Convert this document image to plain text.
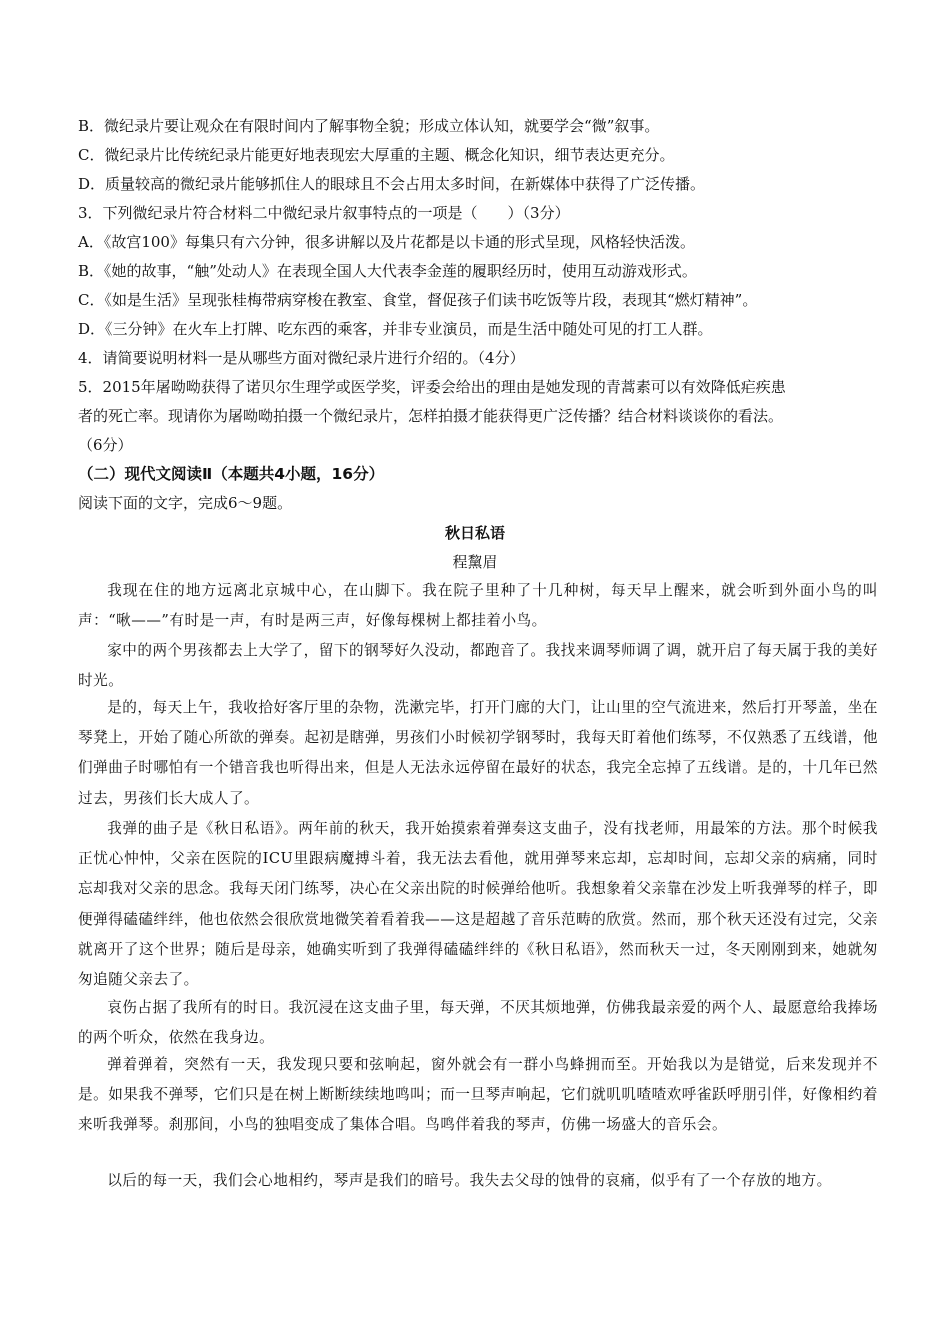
B．微纪录片要让观众在有限时间内了解事物全貌；形成立体认知，就要学会“微”叙事。
C．微纪录片比传统纪录片能更好地表现宏大厚重的主题、概念化知识，细节表达更充分。
D．质量较高的微纪录片能够抓住人的眼球且不会占用太多时间，在新媒体中获得了广泛传播。
3．下列微纪录片符合材料二中微纪录片叙事特点的一项是（　　）（3分）
A．《故宫100》每集只有六分钟，很多讲解以及片花都是以卡通的形式呈现，风格轻快活泼。
B．《她的故事，“触”处动人》在表现全国人大代表李金莲的履职经历时，使用互动游戏形式。
C．《如是生活》呈现张桂梅带病穿梭在教室、食堂，督促孩子们读书吃饭等片段，表现其“燃灯精神”。
D．《三分钟》在火车上打牌、吃东西的乘客，并非专业演员，而是生活中随处可见的打工人群。
4．请简要说明材料一是从哪些方面对微纪录片进行介绍的。（4分）
5．2015年屠呦呦获得了诺贝尔生理学或医学奖，评委会给出的理由是她发现的青蒿素可以有效降低疟疾患
者的死亡率。现请你为屠呦呦拍摄一个微纪录片，怎样拍摄才能获得更广泛传播？结合材料谈谈你的看法。
（6分）
（二）现代文阅读Ⅱ（本题共4小题，16分）
阅读下面的文字，完成6～9题。
秋日私语
程黧眉
我现在住的地方远离北京城中心，在山脚下。我在院子里种了十几种树，每天早上醒来，就会听到外面小鸟的叫声：“啾——”有时是一声，有时是两三声，好像每棵树上都挂着小鸟。
家中的两个男孩都去上大学了，留下的钢琴好久没动，都跑音了。我找来调琴师调了调，就开启了每天属于我的美好时光。
是的，每天上午，我收拾好客厅里的杂物，洗漱完毕，打开门廊的大门，让山里的空气流进来，然后打开琴盖，坐在琴凳上，开始了随心所欲的弹奏。起初是瞎弹，男孩们小时候初学钢琴时，我每天盯着他们练琴，不仅熟悉了五线谱，他们弹曲子时哪怕有一个错音我也听得出来，但是人无法永远停留在最好的状态，我完全忘掉了五线谱。是的，十几年已然过去，男孩们长大成人了。
我弹的曲子是《秋日私语》。两年前的秋天，我开始摸索着弹奏这支曲子，没有找老师，用最笨的方法。那个时候我正忧心忡忡，父亲在医院的ICU里跟病魔搏斗着，我无法去看他，就用弹琴来忘却，忘却时间，忘却父亲的病痛，同时忘却我对父亲的思念。我每天闭门练琴，决心在父亲出院的时候弹给他听。我想象着父亲靠在沙发上听我弹琴的样子，即便弹得磕磕绊绊，他也依然会很欣赏地微笑着看着我——这是超越了音乐范畴的欣赏。然而，那个秋天还没有过完，父亲就离开了这个世界；随后是母亲，她确实听到了我弹得磕磕绊绊的《秋日私语》，然而秋天一过，冬天刚刚到来，她就匆匆追随父亲去了。
哀伤占据了我所有的时日。我沉浸在这支曲子里，每天弹，不厌其烦地弹，仿佛我最亲爱的两个人、最愿意给我捧场的两个听众，依然在我身边。
弹着弹着，突然有一天，我发现只要和弦响起，窗外就会有一群小鸟蜂拥而至。开始我以为是错觉，后来发现并不是。如果我不弹琴，它们只是在树上断断续续地鸣叫；而一旦琴声响起，它们就叽叽喳喳欢呼雀跃呼朋引伴，好像相约着来听我弹琴。刹那间，小鸟的独唱变成了集体合唱。鸟鸣伴着我的琴声，仿佛一场盛大的音乐会。
以后的每一天，我们会心地相约，琴声是我们的暗号。我失去父母的蚀骨的哀痛，似乎有了一个存放的地方。
